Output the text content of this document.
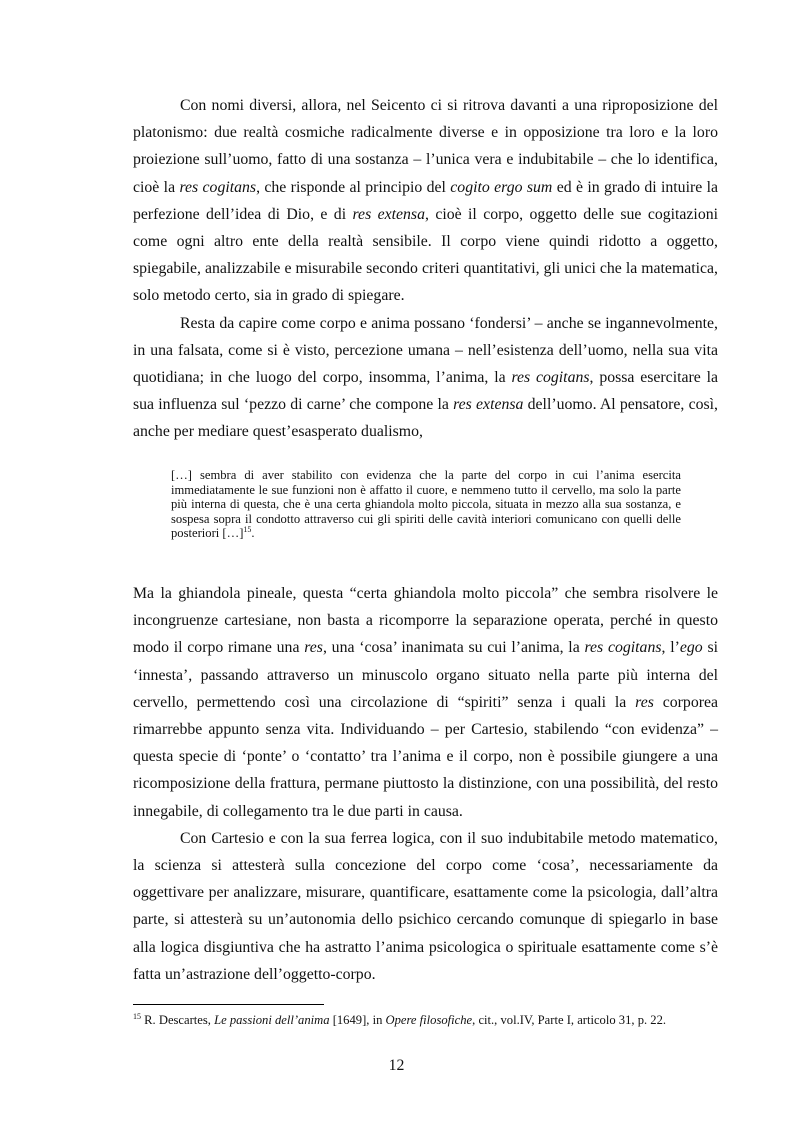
Con nomi diversi, allora, nel Seicento ci si ritrova davanti a una riproposizione del platonismo: due realtà cosmiche radicalmente diverse e in opposizione tra loro e la loro proiezione sull’uomo, fatto di una sostanza – l’unica vera e indubitabile – che lo identifica, cioè la res cogitans, che risponde al principio del cogito ergo sum ed è in grado di intuire la perfezione dell’idea di Dio, e di res extensa, cioè il corpo, oggetto delle sue cogitazioni come ogni altro ente della realtà sensibile. Il corpo viene quindi ridotto a oggetto, spiegabile, analizzabile e misurabile secondo criteri quantitativi, gli unici che la matematica, solo metodo certo, sia in grado di spiegare.

Resta da capire come corpo e anima possano ‘fondersi’ – anche se ingannevolmente, in una falsata, come si è visto, percezione umana – nell’esistenza dell’uomo, nella sua vita quotidiana; in che luogo del corpo, insomma, l’anima, la res cogitans, possa esercitare la sua influenza sul ‘pezzo di carne’ che compone la res extensa dell’uomo. Al pensatore, così, anche per mediare quest’esasperato dualismo,

[…] sembra di aver stabilito con evidenza che la parte del corpo in cui l’anima esercita immediatamente le sue funzioni non è affatto il cuore, e nemmeno tutto il cervello, ma solo la parte più interna di questa, che è una certa ghiandola molto piccola, situata in mezzo alla sua sostanza, e sospesa sopra il condotto attraverso cui gli spiriti delle cavità interiori comunicano con quelli delle posteriori […]$^{15}$.

Ma la ghiandola pineale, questa “certa ghiandola molto piccola” che sembra risolvere le incongruenze cartesiane, non basta a ricomporre la separazione operata, perché in questo modo il corpo rimane una res, una ‘cosa’ inanimata su cui l’anima, la res cogitans, l’ego si ‘innesta’, passando attraverso un minuscolo organo situato nella parte più interna del cervello, permettendo così una circolazione di “spiriti” senza i quali la res corporea rimarrebbe appunto senza vita. Individuando – per Cartesio, stabilendo “con evidenza” – questa specie di ‘ponte’ o ‘contatto’ tra l’anima e il corpo, non è possibile giungere a una ricomposizione della frattura, permane piuttosto la distinzione, con una possibilità, del resto innegabile, di collegamento tra le due parti in causa.

Con Cartesio e con la sua ferrea logica, con il suo indubitabile metodo matematico, la scienza si attesterà sulla concezione del corpo come ‘cosa’, necessariamente da oggettivare per analizzare, misurare, quantificare, esattamente come la psicologia, dall’altra parte, si attesterà su un’autonomia dello psichico cercando comunque di spiegarlo in base alla logica disgiuntiva che ha astratto l’anima psicologica o spirituale esattamente come s’è fatta un’astrazione dell’oggetto-corpo.

$^{15}$ R. Descartes, Le passioni dell’anima [1649], in Opere filosofiche, cit., vol.IV, Parte I, articolo 31, p. 22.
12
